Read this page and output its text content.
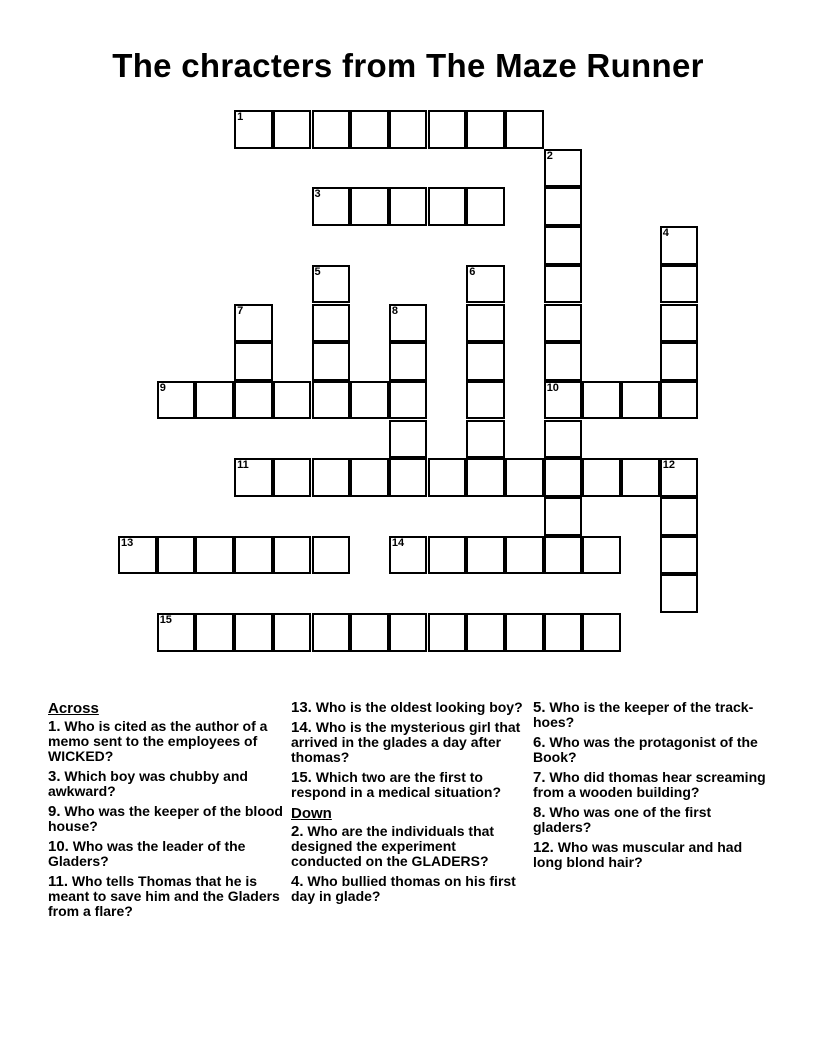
The chracters from The Maze Runner
1
2
3
4
5	6
7	8
9	10
11	12
13	14
15
Across
1. Who is cited as the author of a memo sent to the employees of WICKED?
3. Which boy was chubby and awkward?
9. Who was the keeper of the blood house?
10. Who was the leader of the Gladers?
11. Who tells Thomas that he is meant to save him and the Gladers from a flare?
13. Who is the oldest looking boy?
14. Who is the mysterious girl that arrived in the glades a day after thomas?
15. Which two are the first to respond in a medical situation?
Down
2. Who are the individuals that designed the experiment conducted on the GLADERS?
4. Who bullied thomas on his first day in glade?
5. Who is the keeper of the track- hoes?
6. Who was the protagonist of the Book?
7. Who did thomas hear screaming from a wooden building?
8. Who was one of the first gladers?
12. Who was muscular and had long blond hair?
